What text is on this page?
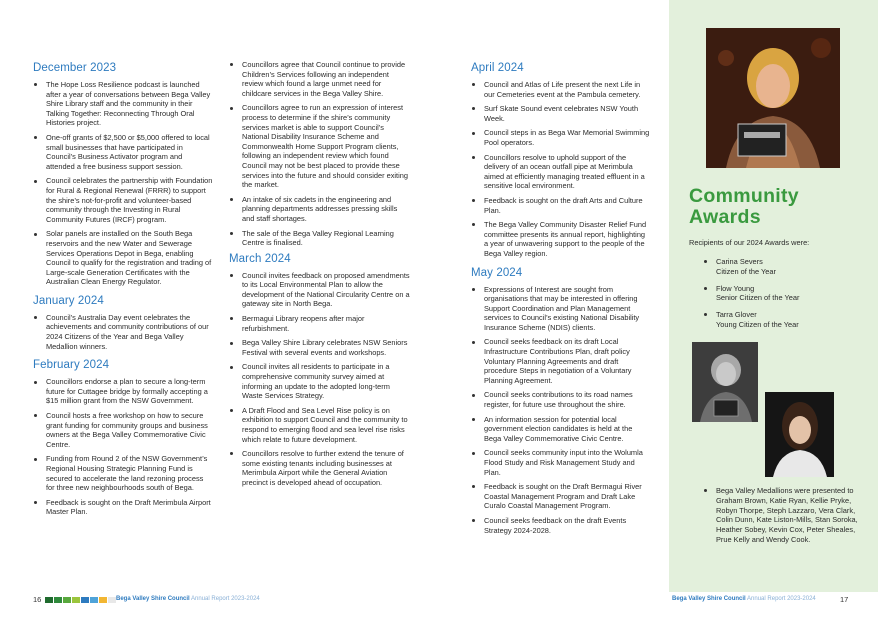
December 2023
The Hope Loss Resilience podcast is launched after a year of conversations between Bega Valley Shire Library staff and the community in their Talking Together: Reconnecting Through Oral Histories project.
One-off grants of $2,500 or $5,000 offered to local small businesses that have participated in Council’s Business Activator program and attended a free business support session.
Council celebrates the partnership with Foundation for Rural & Regional Renewal (FRRR) to support the shire’s not-for-profit and volunteer-based community through the Investing in Rural Community Futures (IRCF) program.
Solar panels are installed on the South Bega reservoirs and the new Water and Sewerage Services Operations Depot in Bega, enabling Council to qualify for the registration and trading of Large-scale Generation Certificates with the Australian Clean Energy Regulator.
January 2024
Council’s Australia Day event celebrates the achievements and community contributions of our 2024 Citizens of the Year and Bega Valley Medallion winners.
February 2024
Councillors endorse a plan to secure a long-term future for Cuttagee bridge by formally accepting a $15 million grant from the NSW Government.
Council hosts a free workshop on how to secure grant funding for community groups and business owners at the Bega Valley Commemorative Civic Centre.
Funding from Round 2 of the NSW Government’s Regional Housing Strategic Planning Fund is secured to accelerate the land rezoning process for three new neighbourhoods south of Bega.
Feedback is sought on the Draft Merimbula Airport Master Plan.
Councillors agree that Council continue to provide Children’s Services following an independent review which found a large unmet need for childcare services in the Bega Valley Shire.
Councillors agree to run an expression of interest process to determine if the shire’s community services market is able to support Council’s National Disability Insurance Scheme and Commonwealth Home Support Program clients, following an independent review which found Council may not be best placed to provide these services into the future and should consider exiting the market.
An intake of six cadets in the engineering and planning departments addresses pressing skills and staff shortages.
The sale of the Bega Valley Regional Learning Centre is finalised.
March 2024
Council invites feedback on proposed amendments to its Local Environmental Plan to allow the development of the National Circularity Centre on a gateway site in North Bega.
Bermagui Library reopens after major refurbishment.
Bega Valley Shire Library celebrates NSW Seniors Festival with several events and workshops.
Council invites all residents to participate in a comprehensive community survey aimed at informing an update to the adopted long-term Waste Services Strategy.
A Draft Flood and Sea Level Rise policy is on exhibition to support Council and the community to respond to emerging flood and sea level rise risks which relate to future development.
Councillors resolve to further extend the tenure of some existing tenants including businesses at Merimbula Airport while the General Aviation precinct is developed ahead of occupation.
April 2024
Council and Atlas of Life present the next Life in our Cemeteries event at the Pambula cemetery.
Surf Skate Sound event celebrates NSW Youth Week.
Council steps in as Bega War Memorial Swimming Pool operators.
Councillors resolve to uphold support of the delivery of an ocean outfall pipe at Merimbula aimed at efficiently managing treated effluent in a sensitive local environment.
Feedback is sought on the draft Arts and Culture Plan.
The Bega Valley Community Disaster Relief Fund committee presents its annual report, highlighting a year of unwavering support to the people of the Bega Valley region.
May 2024
Expressions of Interest are sought from organisations that may be interested in offering Support Coordination and Plan Management services to Council’s existing National Disability Insurance Scheme (NDIS) clients.
Council seeks feedback on its draft Local Infrastructure Contributions Plan, draft policy Voluntary Planning Agreements and draft procedure Steps in negotiation of a Voluntary Planning Agreement.
Council seeks contributions to its road names register, for future use throughout the shire.
An information session for potential local government election candidates is held at the Bega Valley Commemorative Civic Centre.
Council seeks community input into the Wolumla Flood Study and Risk Management Study and Plan.
Feedback is sought on the Draft Bermagui River Coastal Management Program and Draft Lake Curalo Coastal Management Program.
Council seeks feedback on the draft Events Strategy 2024-2028.
Community
Awards
Recipients of our 2024 Awards were:
Carina Severs
Citizen of the Year
Flow Young
Senior Citizen of the Year
Tarra Glover
Young Citizen of the Year
Bega Valley Medallions were presented to Graham Brown, Katie Ryan, Kellie Pryke, Robyn Thorpe, Steph Lazzaro, Vera Clark, Colin Dunn, Kate Liston-Mills, Stan Soroka, Heather Sobey, Kevin Cox, Peter Sheales, Prue Kelly and Wendy Cook.
16	Bega Valley Shire Council Annual Report 2023-2024	Bega Valley Shire Council Annual Report 2023-2024	17
